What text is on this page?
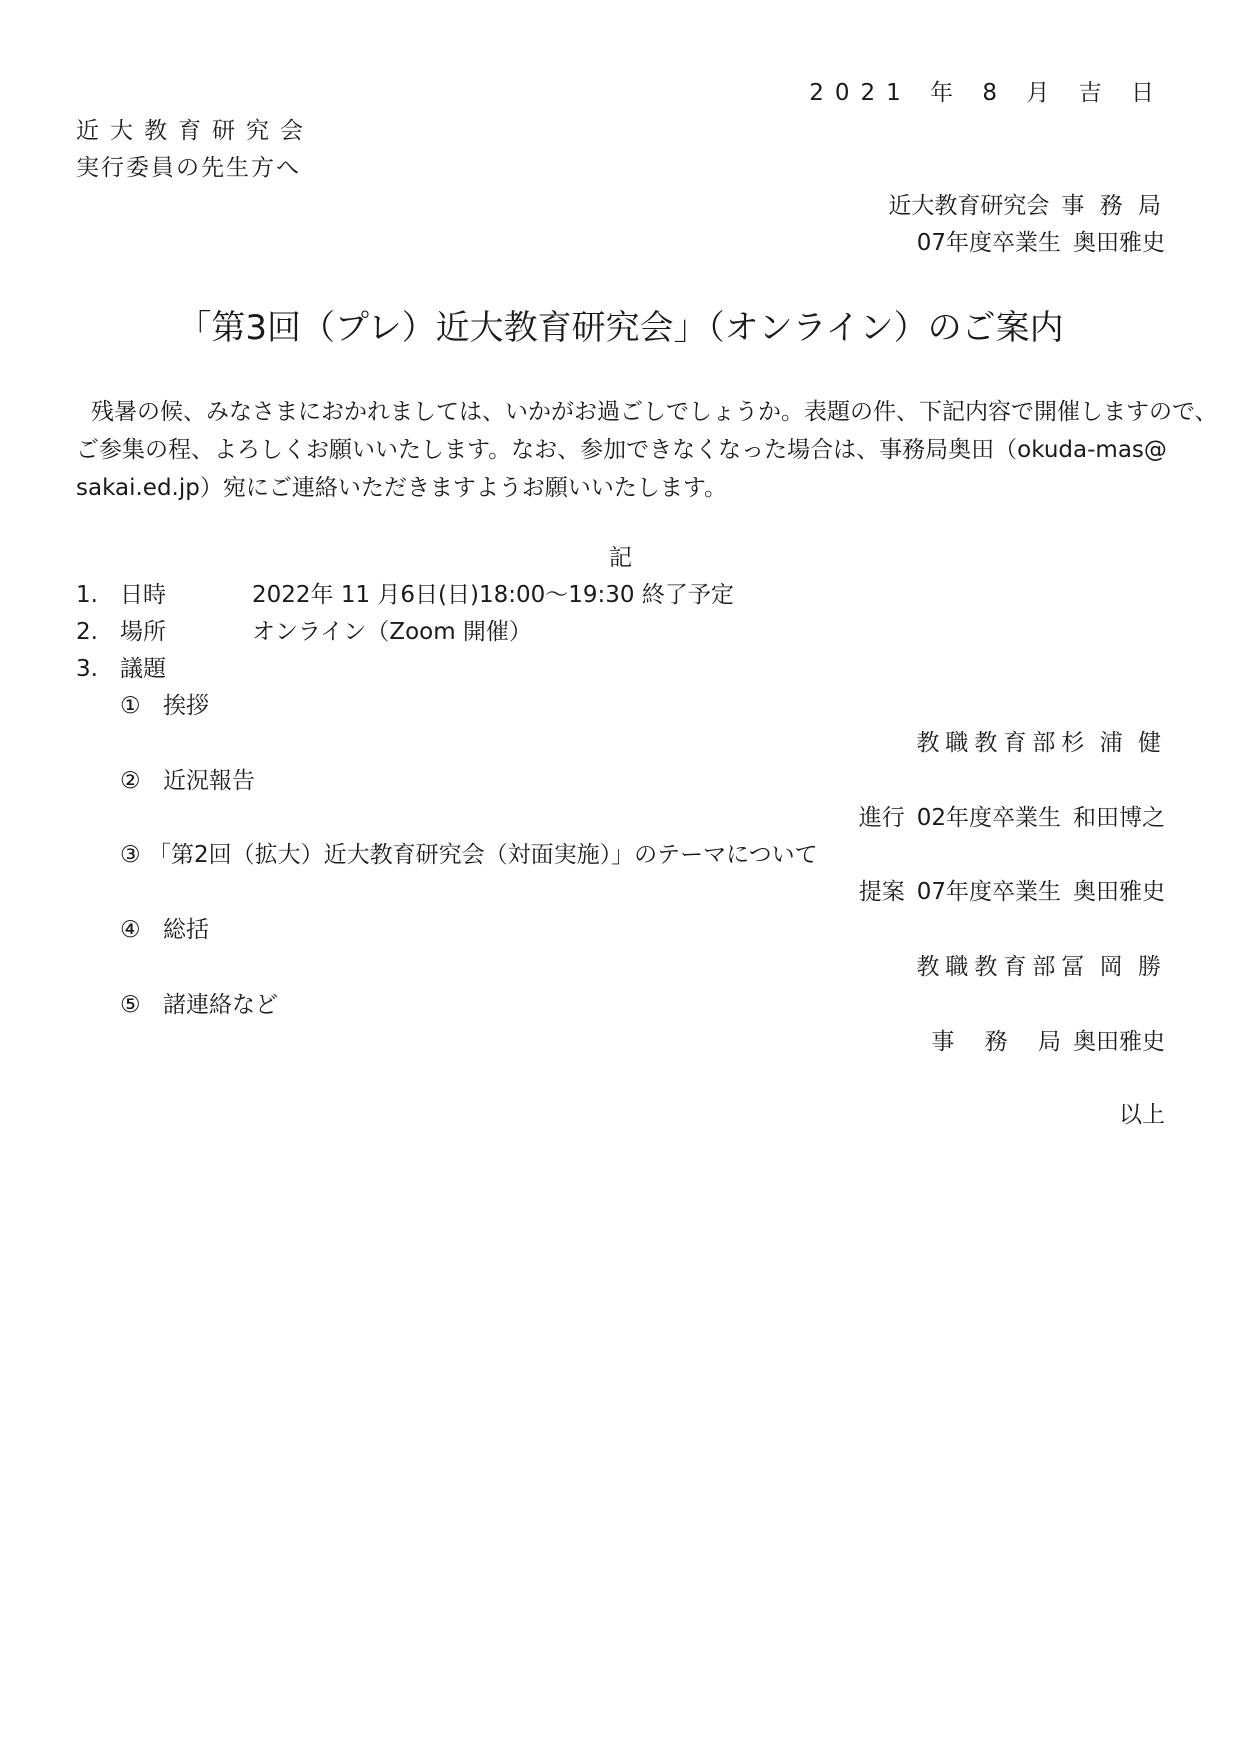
2021 年 8 月 吉 日
近大教育研究会
実行委員の先生方へ
近大教育研究会 事 務 局
07年度卒業生 奥田雅史
「第3回（プレ）近大教育研究会」（オンライン）のご案内

残暑の候、みなさまにおかれましては、いかがお過ごしでしょうか。表題の件、下記内容で開催しますので、

ご参集の程、よろしくお願いいたします。なお、参加できなくなった場合は、事務局奥田（okuda-mas@

sakai.ed.jp）宛にご連絡いただきますようお願いいたします。

記
1. 日時	2022年 11 月6日(日)18:00～19:30 終了予定
2. 場所	オンライン（Zoom 開催）
3. 議題
① 挨拶
教職教育部杉 浦 健
② 近況報告
進行 02年度卒業生 和田博之
③ 「第2回（拡大）近大教育研究会（対面実施）」のテーマについて
提案 07年度卒業生 奥田雅史
④ 総括
教職教育部冨 岡 勝
⑤ 諸連絡など
事　 務　 局 奥田雅史
以上
